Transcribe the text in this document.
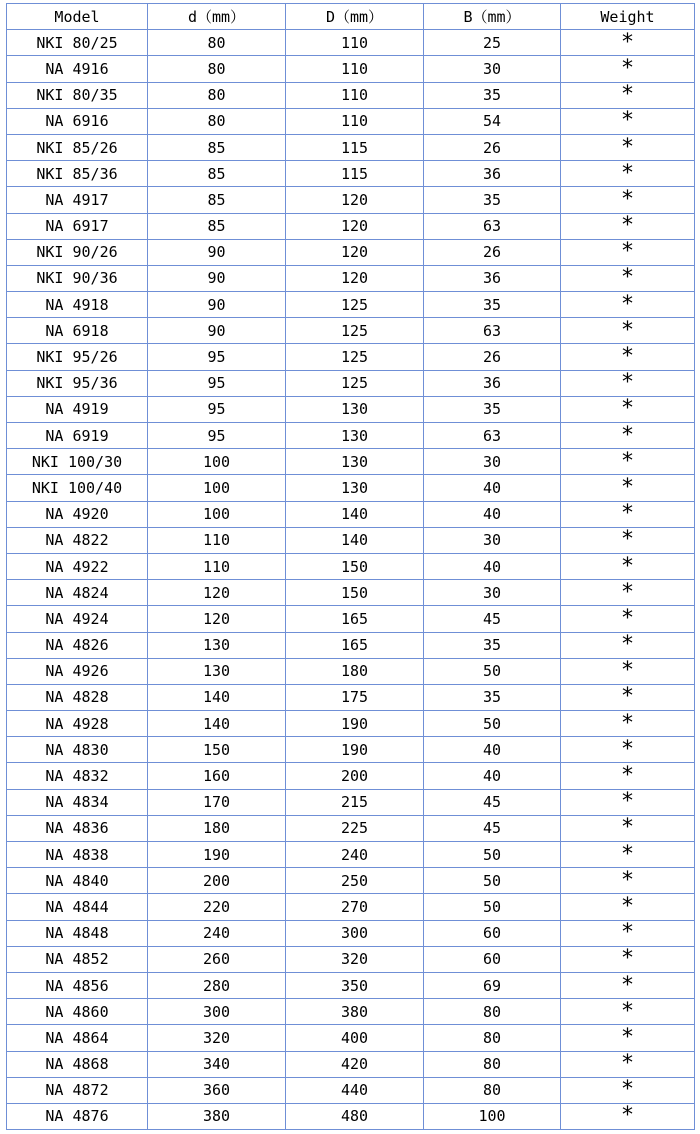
Model	d（mm）	D（mm）	B（mm）	Weight
NKI 80/25	80	110	25	*
NA 4916	80	110	30	*
NKI 80/35	80	110	35	*
NA 6916	80	110	54	*
NKI 85/26	85	115	26	*
NKI 85/36	85	115	36	*
NA 4917	85	120	35	*
NA 6917	85	120	63	*
NKI 90/26	90	120	26	*
NKI 90/36	90	120	36	*
NA 4918	90	125	35	*
NA 6918	90	125	63	*
NKI 95/26	95	125	26	*
NKI 95/36	95	125	36	*
NA 4919	95	130	35	*
NA 6919	95	130	63	*
NKI 100/30	100	130	30	*
NKI 100/40	100	130	40	*
NA 4920	100	140	40	*
NA 4822	110	140	30	*
NA 4922	110	150	40	*
NA 4824	120	150	30	*
NA 4924	120	165	45	*
NA 4826	130	165	35	*
NA 4926	130	180	50	*
NA 4828	140	175	35	*
NA 4928	140	190	50	*
NA 4830	150	190	40	*
NA 4832	160	200	40	*
NA 4834	170	215	45	*
NA 4836	180	225	45	*
NA 4838	190	240	50	*
NA 4840	200	250	50	*
NA 4844	220	270	50	*
NA 4848	240	300	60	*
NA 4852	260	320	60	*
NA 4856	280	350	69	*
NA 4860	300	380	80	*
NA 4864	320	400	80	*
NA 4868	340	420	80	*
NA 4872	360	440	80	*
NA 4876	380	480	100	*
